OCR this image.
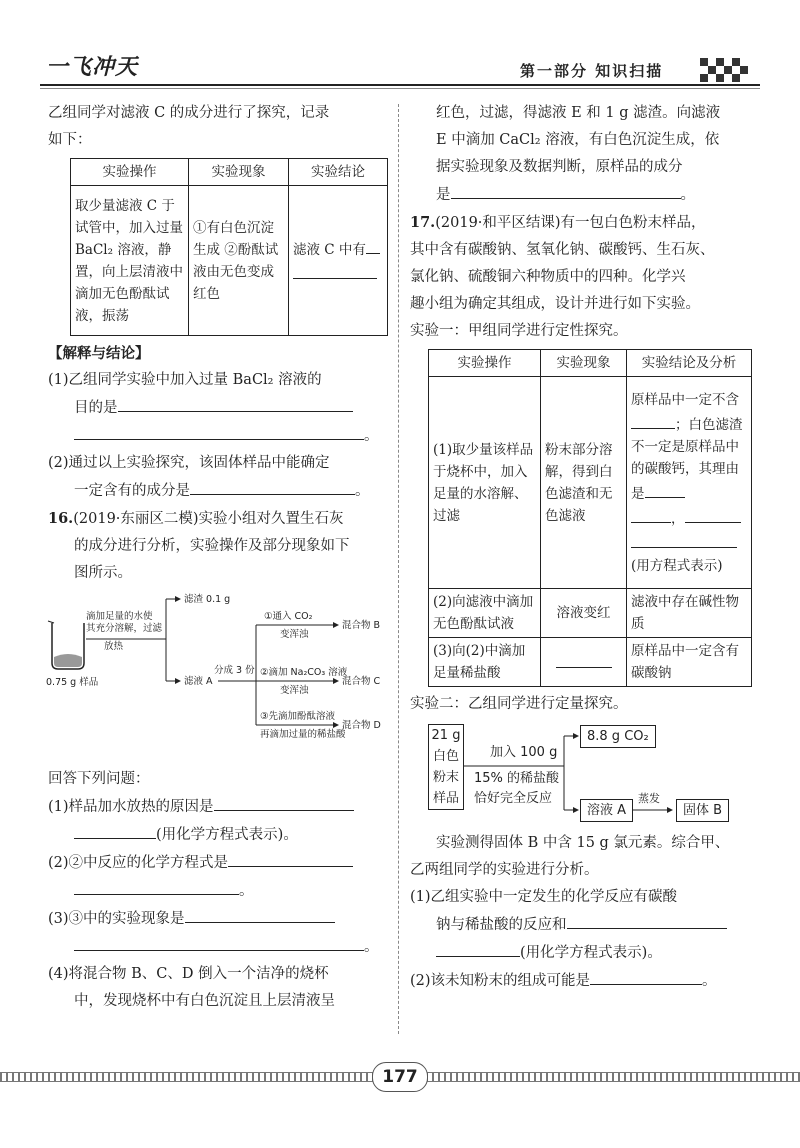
一飞冲天	第一部分 知识扫描

乙组同学对滤液 C 的成分进行了探究，记录

如下：

实验操作	实验现象	实验结论
取少量滤液 C 于试管中，加入过量 BaCl₂ 溶液，静置，向上层清液中滴加无色酚酞试液，振荡	①有白色沉淀生成 ②酚酞试液由无色变成红色	滤液 C 中有

【解释与结论】

(1)乙组同学实验中加入过量 BaCl₂ 溶液的

目的是

。

(2)通过以上实验探究，该固体样品中能确定

一定含有的成分是	。

16.(2019·东丽区二模)实验小组对久置生石灰

的成分进行分析，实验操作及部分现象如下

图所示。

0.75 g 样品
滴加足量的水使
其充分溶解，过滤
放热
滤渣 0.1 g
滤液 A
分成 3 份
①通入 CO₂
变浑浊
混合物 B
②滴加 Na₂CO₃ 溶液
变浑浊
混合物 C
③先滴加酚酞溶液
再滴加过量的稀盐酸
混合物 D

回答下列问题：

(1)样品加水放热的原因是

(用化学方程式表示)。

(2)②中反应的化学方程式是

。

(3)③中的实验现象是

。

(4)将混合物 B、C、D 倒入一个洁净的烧杯

中，发现烧杯中有白色沉淀且上层清液呈

红色，过滤，得滤液 E 和 1 g 滤渣。向滤液

E 中滴加 CaCl₂ 溶液，有白色沉淀生成，依

据实验现象及数据判断，原样品的成分

是	。

17.(2019·和平区结课)有一包白色粉末样品，

其中含有碳酸钠、氢氧化钠、碳酸钙、生石灰、

氯化钠、硫酸铜六种物质中的四种。化学兴

趣小组为确定其组成，设计并进行如下实验。

实验一：甲组同学进行定性探究。

实验操作	实验现象	实验结论及分析
(1)取少量该样品于烧杯中，加入足量的水溶解、过滤	粉末部分溶解，得到白色滤渣和无色滤液	原样品中一定不含；白色滤渣不一定是原样品中的碳酸钙，其理由是
，

(用方程式表示)
(2)向滤液中滴加无色酚酞试液	溶液变红	滤液中存在碱性物质
(3)向(2)中滴加足量稀盐酸		原样品中一定含有碳酸钠

实验二：乙组同学进行定量探究。

21 g
白色
粉末
样品
加入 100 g
15% 的稀盐酸
恰好完全反应
8.8 g CO₂
溶液 A
蒸发
固体 B

实验测得固体 B 中含 15 g 氯元素。综合甲、

乙两组同学的实验进行分析。

(1)乙组实验中一定发生的化学反应有碳酸

钠与稀盐酸的反应和

(用化学方程式表示)。

(2)该未知粉末的组成可能是	。

177
